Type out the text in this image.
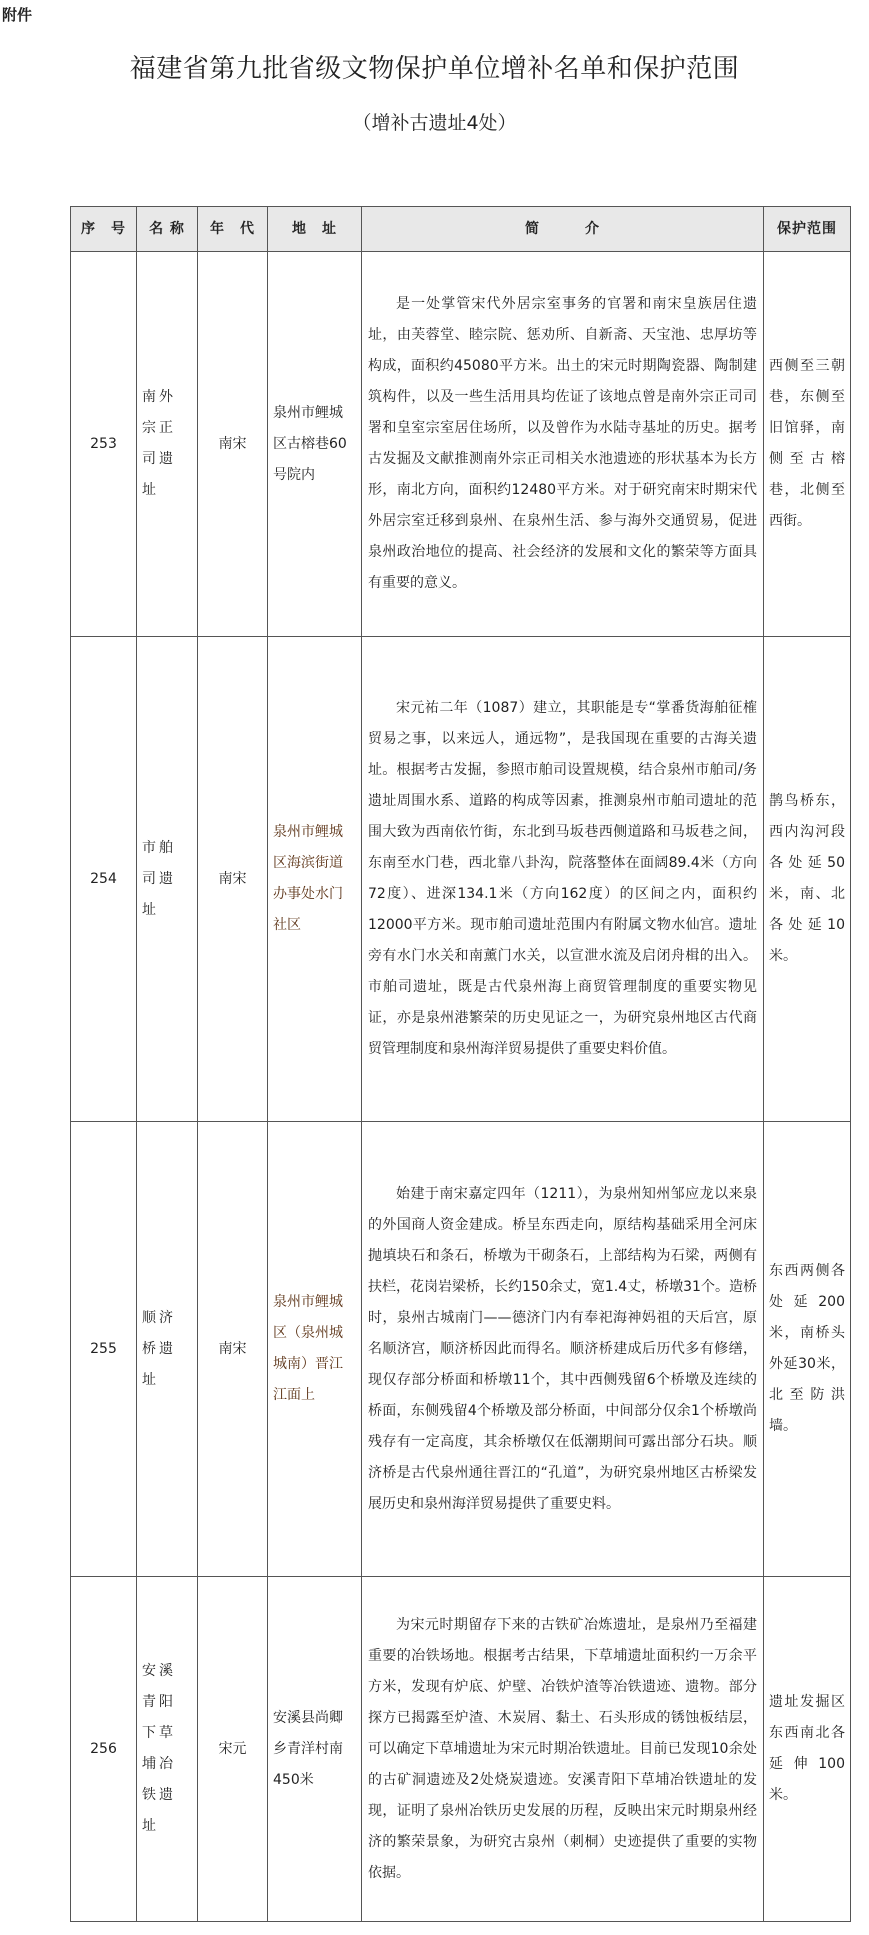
附件
福建省第九批省级文物保护单位增补名单和保护范围
（增补古遗址4处）
序　号	名 称	年　代	地　址	简　　　介	保护范围
253	南外宗正司遗址	南宋	泉州市鲤城区古榕巷60号院内	是一处掌管宋代外居宗室事务的官署和南宋皇族居住遗址，由芙蓉堂、睦宗院、惩劝所、自新斋、天宝池、忠厚坊等构成，面积约45080平方米。出土的宋元时期陶瓷器、陶制建筑构件，以及一些生活用具均佐证了该地点曾是南外宗正司司署和皇室宗室居住场所，以及曾作为水陆寺基址的历史。据考古发掘及文献推测南外宗正司相关水池遗迹的形状基本为长方形，南北方向，面积约12480平方米。对于研究南宋时期宋代外居宗室迁移到泉州、在泉州生活、参与海外交通贸易，促进泉州政治地位的提高、社会经济的发展和文化的繁荣等方面具有重要的意义。	西侧至三朝巷，东侧至旧馆驿，南侧至古榕巷，北侧至西街。
254	市舶司遗址	南宋	泉州市鲤城区海滨街道办事处水门社区	宋元祐二年（1087）建立，其职能是专“掌番货海舶征榷贸易之事，以来远人，通远物”，是我国现在重要的古海关遗址。根据考古发掘，参照市舶司设置规模，结合泉州市舶司/务遗址周围水系、道路的构成等因素，推测泉州市舶司遗址的范围大致为西南依竹街，东北到马坂巷西侧道路和马坂巷之间，东南至水门巷，西北靠八卦沟，院落整体在面阔89.4米（方向72度）、进深134.1米（方向162度）的区间之内，面积约12000平方米。现市舶司遗址范围内有附属文物水仙宫。遗址旁有水门水关和南薰门水关，以宣泄水流及启闭舟楫的出入。市舶司遗址，既是古代泉州海上商贸管理制度的重要实物见证，亦是泉州港繁荣的历史见证之一，为研究泉州地区古代商贸管理制度和泉州海洋贸易提供了重要史料价值。	鹊鸟桥东，西内沟河段各处延50米，南、北各处延10米。
255	顺济桥遗址	南宋	泉州市鲤城区（泉州城城南）晋江江面上	始建于南宋嘉定四年（1211），为泉州知州邹应龙以来泉的外国商人资金建成。桥呈东西走向，原结构基础采用全河床抛填块石和条石，桥墩为干砌条石，上部结构为石梁，两侧有扶栏，花岗岩梁桥，长约150余丈，宽1.4丈，桥墩31个。造桥时，泉州古城南门——德济门内有奉祀海神妈祖的天后宫，原名顺济宫，顺济桥因此而得名。顺济桥建成后历代多有修缮，现仅存部分桥面和桥墩11个，其中西侧残留6个桥墩及连续的桥面，东侧残留4个桥墩及部分桥面，中间部分仅余1个桥墩尚残存有一定高度，其余桥墩仅在低潮期间可露出部分石块。顺济桥是古代泉州通往晋江的“孔道”，为研究泉州地区古桥梁发展历史和泉州海洋贸易提供了重要史料。	东西两侧各处延200米，南桥头外延30米，北至防洪墙。
256	安溪青阳下草埔冶铁遗址	宋元	安溪县尚卿乡青洋村南450米	为宋元时期留存下来的古铁矿冶炼遗址，是泉州乃至福建重要的冶铁场地。根据考古结果，下草埔遗址面积约一万余平方米，发现有炉底、炉壁、冶铁炉渣等冶铁遗迹、遗物。部分探方已揭露至炉渣、木炭屑、黏土、石头形成的锈蚀板结层，可以确定下草埔遗址为宋元时期冶铁遗址。目前已发现10余处的古矿洞遗迹及2处烧炭遗迹。安溪青阳下草埔冶铁遗址的发现，证明了泉州冶铁历史发展的历程，反映出宋元时期泉州经济的繁荣景象，为研究古泉州（刺桐）史迹提供了重要的实物依据。	遗址发掘区东西南北各延伸100米。
